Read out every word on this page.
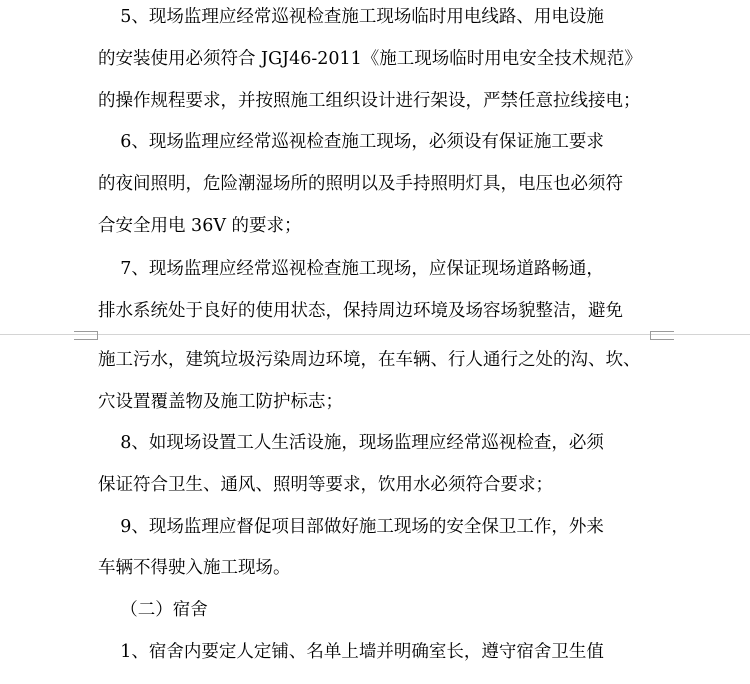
5、现场监理应经常巡视检查施工现场临时用电线路、用电设施
的安装使用必须符合 JGJ46-2011《施工现场临时用电安全技术规范》
的操作规程要求，并按照施工组织设计进行架设，严禁任意拉线接电；
6、现场监理应经常巡视检查施工现场，必须设有保证施工要求
的夜间照明，危险潮湿场所的照明以及手持照明灯具，电压也必须符
合安全用电 36V 的要求；
7、现场监理应经常巡视检查施工现场，应保证现场道路畅通，
排水系统处于良好的使用状态，保持周边环境及场容场貌整洁，避免
施工污水，建筑垃圾污染周边环境，在车辆、行人通行之处的沟、坎、
穴设置覆盖物及施工防护标志；
8、如现场设置工人生活设施，现场监理应经常巡视检查，必须
保证符合卫生、通风、照明等要求，饮用水必须符合要求；
9、现场监理应督促项目部做好施工现场的安全保卫工作，外来
车辆不得驶入施工现场。
（二）宿舍
1、宿舍内要定人定铺、名单上墙并明确室长，遵守宿舍卫生值
